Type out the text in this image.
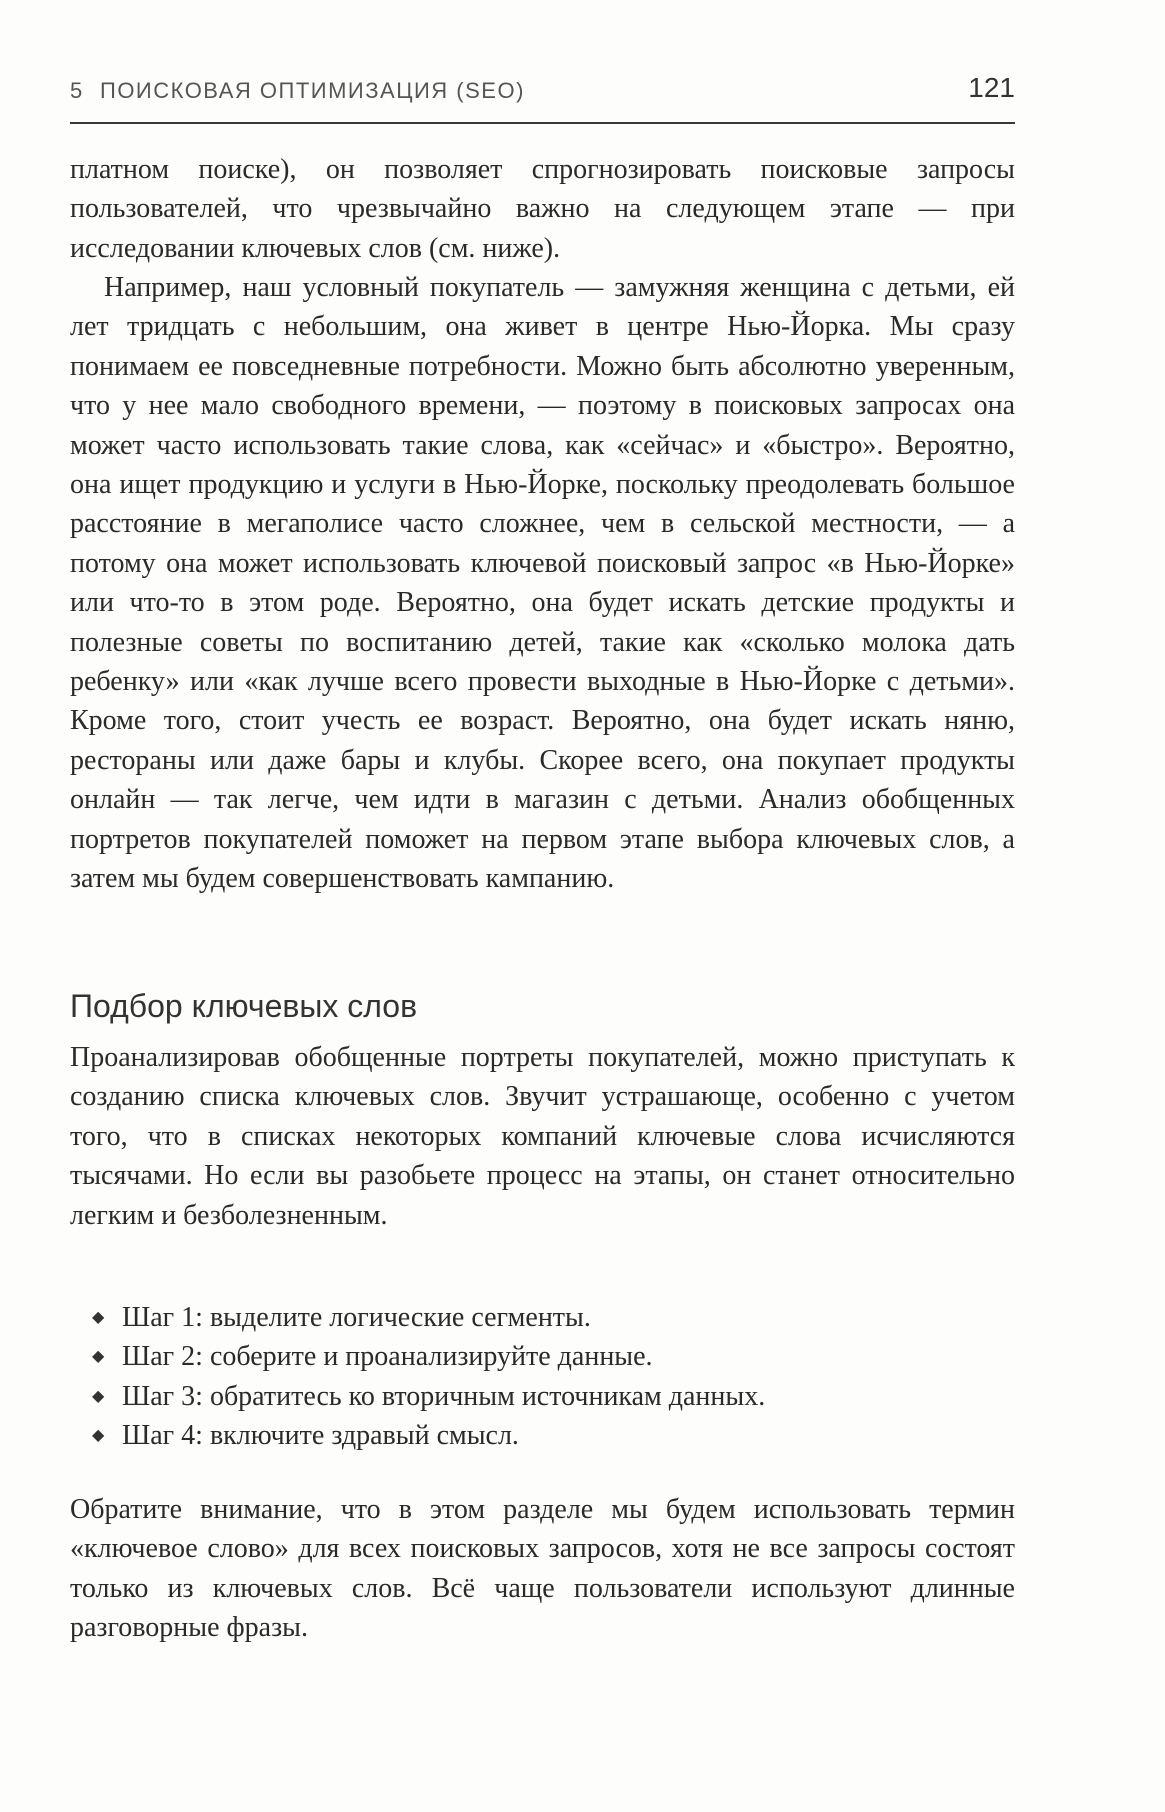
5 ПОИСКОВАЯ ОПТИМИЗАЦИЯ (SEO)	121

платном поиске), он позволяет спрогнозировать поисковые запросы пользователей, что чрезвычайно важно на следующем этапе — при исследовании ключевых слов (см. ниже).

Например, наш условный покупатель — замужняя женщина с детьми, ей лет тридцать с небольшим, она живет в центре Нью-Йорка. Мы сразу понимаем ее повседневные потребности. Можно быть абсолютно уверенным, что у нее мало свободного времени, — поэтому в поисковых запросах она может часто использовать такие слова, как «сейчас» и «быстро». Вероятно, она ищет продукцию и услуги в Нью-Йорке, поскольку преодолевать большое расстояние в мегаполисе часто сложнее, чем в сельской местности, — а потому она может использовать ключевой поисковый запрос «в Нью-Йорке» или что-то в этом роде. Вероятно, она будет искать детские продукты и полезные советы по воспитанию детей, такие как «сколько молока дать ребенку» или «как лучше всего провести выходные в Нью-Йорке с детьми». Кроме того, стоит учесть ее возраст. Вероятно, она будет искать няню, рестораны или даже бары и клубы. Скорее всего, она покупает продукты онлайн — так легче, чем идти в магазин с детьми. Анализ обобщенных портретов покупателей поможет на первом этапе выбора ключевых слов, а затем мы будем совершенствовать кампанию.

Подбор ключевых слов

Проанализировав обобщенные портреты покупателей, можно приступать к созданию списка ключевых слов. Звучит устрашающе, особенно с учетом того, что в списках некоторых компаний ключевые слова исчисляются тысячами. Но если вы разобьете процесс на этапы, он станет относительно легким и безболезненным.

◆ Шаг 1: выделите логические сегменты.
◆ Шаг 2: соберите и проанализируйте данные.
◆ Шаг 3: обратитесь ко вторичным источникам данных.
◆ Шаг 4: включите здравый смысл.

Обратите внимание, что в этом разделе мы будем использовать термин «ключевое слово» для всех поисковых запросов, хотя не все запросы состоят только из ключевых слов. Всё чаще пользователи используют длинные разговорные фразы.
